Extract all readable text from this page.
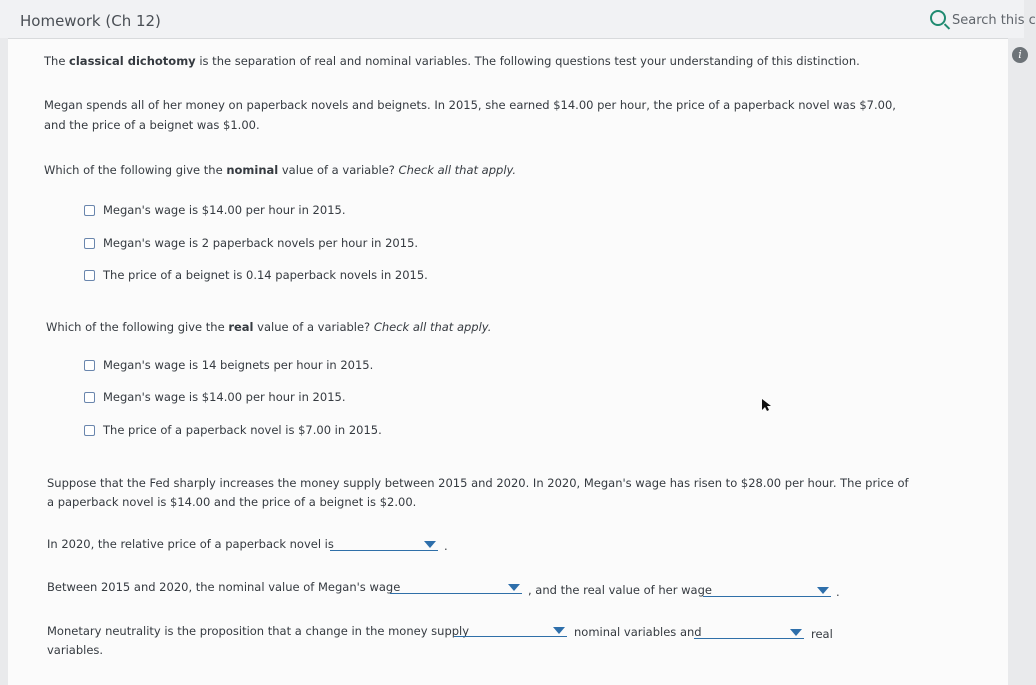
Homework (Ch 12)	Search this c
i
The classical dichotomy is the separation of real and nominal variables. The following questions test your understanding of this distinction.
Megan spends all of her money on paperback novels and beignets. In 2015, she earned $14.00 per hour, the price of a paperback novel was $7.00,
and the price of a beignet was $1.00.
Which of the following give the nominal value of a variable? Check all that apply.
Megan's wage is $14.00 per hour in 2015.
Megan's wage is 2 paperback novels per hour in 2015.
The price of a beignet is 0.14 paperback novels in 2015.
Which of the following give the real value of a variable? Check all that apply.
Megan's wage is 14 beignets per hour in 2015.
Megan's wage is $14.00 per hour in 2015.
The price of a paperback novel is $7.00 in 2015.
Suppose that the Fed sharply increases the money supply between 2015 and 2020. In 2020, Megan's wage has risen to $28.00 per hour. The price of
a paperback novel is $14.00 and the price of a beignet is $2.00.
In 2020, the relative price of a paperback novel is	.
Between 2015 and 2020, the nominal value of Megan's wage	, and the real value of her wage	.
Monetary neutrality is the proposition that a change in the money supply	nominal variables and	real
variables.
